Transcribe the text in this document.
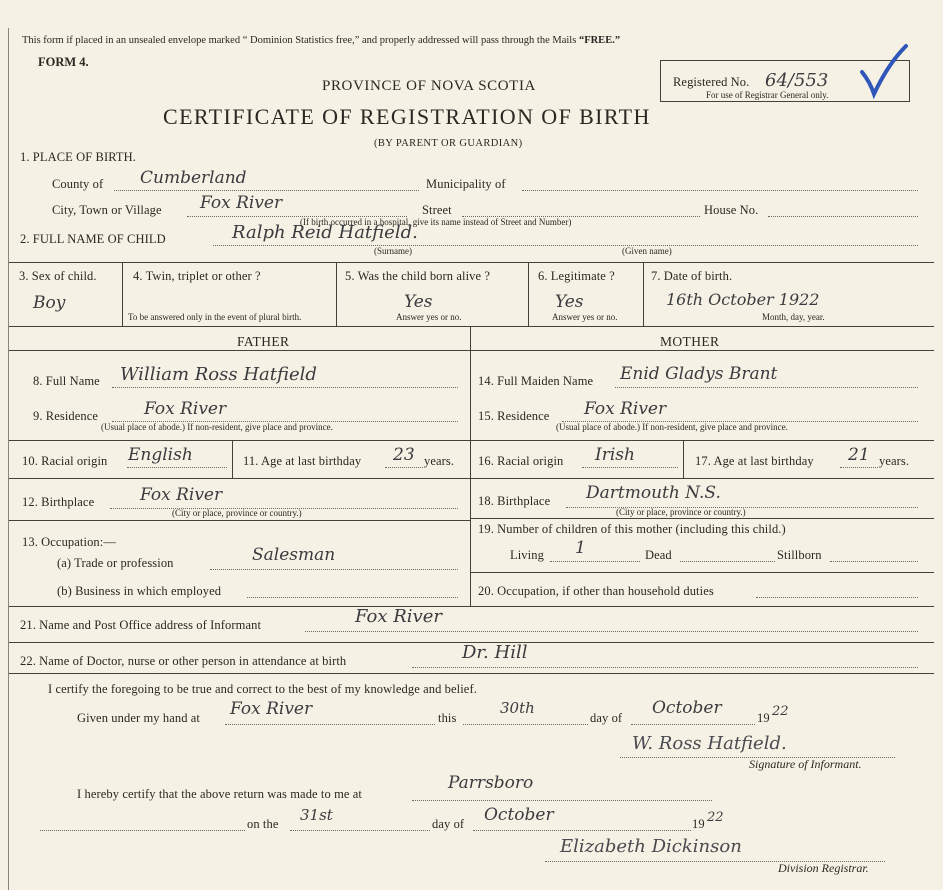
This form if placed in an unsealed envelope marked “ Dominion Statistics free,” and properly addressed will pass through the Mails “FREE.”
FORM 4.
PROVINCE OF NOVA SCOTIA
CERTIFICATE OF REGISTRATION OF BIRTH
(BY PARENT OR GUARDIAN)
Registered No. 64/553
For use of Registrar General only.
1. PLACE OF BIRTH.
County of Cumberland	Municipality of
City, Town or Village Fox River	Street	House No.
(If birth occurred in a hospital, give its name instead of Street and Number)
2. FULL NAME OF CHILD	Ralph Reid Hatfield.
(Surname)	(Given name)
3. Sex of child.
Boy
4. Twin, triplet or other ?
To be answered only in the event of plural birth.
5. Was the child born alive ?
Yes
Answer yes or no.
6. Legitimate ?
Yes
Answer yes or no.
7. Date of birth.
16th October 1922
Month, day, year.
FATHER	MOTHER
8. Full Name William Ross Hatfield
9. Residence	Fox River
(Usual place of abode.) If non-resident, give place and province.
10. Racial origin English	11. Age at last birthday 23 years.
12. Birthplace	Fox River
(City or place, province or country.)
13. Occupation:—
(a) Trade or profession	Salesman
(b) Business in which employed
14. Full Maiden Name Enid Gladys Brant
15. Residence Fox River
(Usual place of abode.) If non-resident, give place and province.
16. Racial origin Irish	17. Age at last birthday 21 years.
18. Birthplace Dartmouth N.S.
(City or place, province or country.)
19. Number of children of this mother (including this child.)
Living 1	Dead	Stillborn
20. Occupation, if other than household duties
21. Name and Post Office address of Informant	Fox River
22. Name of Doctor, nurse or other person in attendance at birth	Dr. Hill
I certify the foregoing to be true and correct to the best of my knowledge and belief.
Given under my hand at Fox River	this
30th
day of October	19 22
W. Ross Hatfield.
Signature of Informant.
I hereby certify that the above return was made to me at
Parrsboro
on the 31st	day of October	19 22
Elizabeth Dickinson
Division Registrar.
